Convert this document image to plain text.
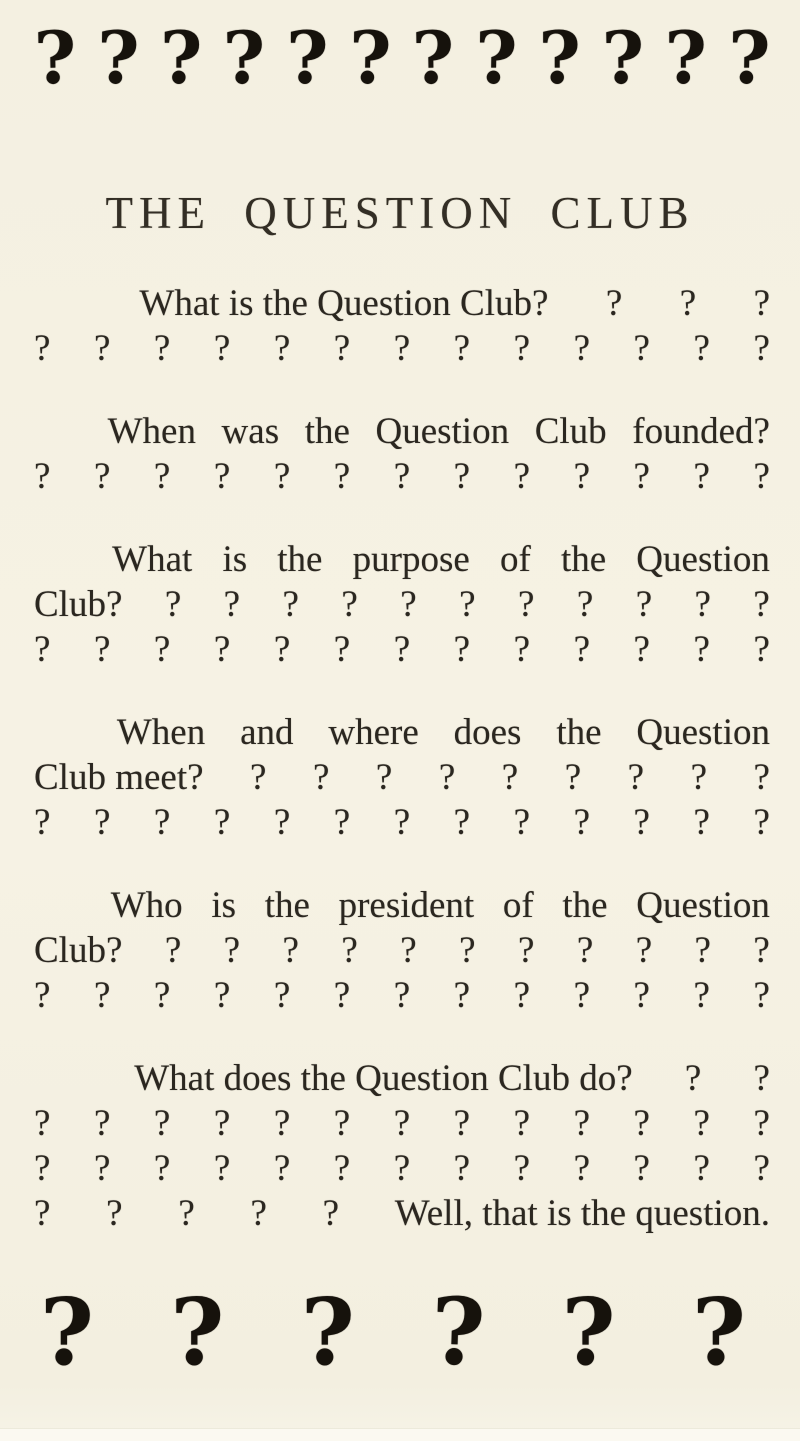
? ? ? ? ? ? ? ? ? ? ? ?
THE QUESTION CLUB
What is the Question Club? ? ? ?
? ? ? ? ? ? ? ? ? ? ? ? ?
When was the Question Club founded?
? ? ? ? ? ? ? ? ? ? ? ? ?
What is the purpose of the Question
Club? ? ? ? ? ? ? ? ? ? ? ?
? ? ? ? ? ? ? ? ? ? ? ? ?
When and where does the Question
Club meet? ? ? ? ? ? ? ? ? ?
? ? ? ? ? ? ? ? ? ? ? ? ?
Who is the president of the Question
Club? ? ? ? ? ? ? ? ? ? ? ?
? ? ? ? ? ? ? ? ? ? ? ? ?
What does the Question Club do? ? ?
? ? ? ? ? ? ? ? ? ? ? ? ?
? ? ? ? ? ? ? ? ? ? ? ? ?
? ? ? ? ? Well, that is the question.
? ? ? ? ? ?
